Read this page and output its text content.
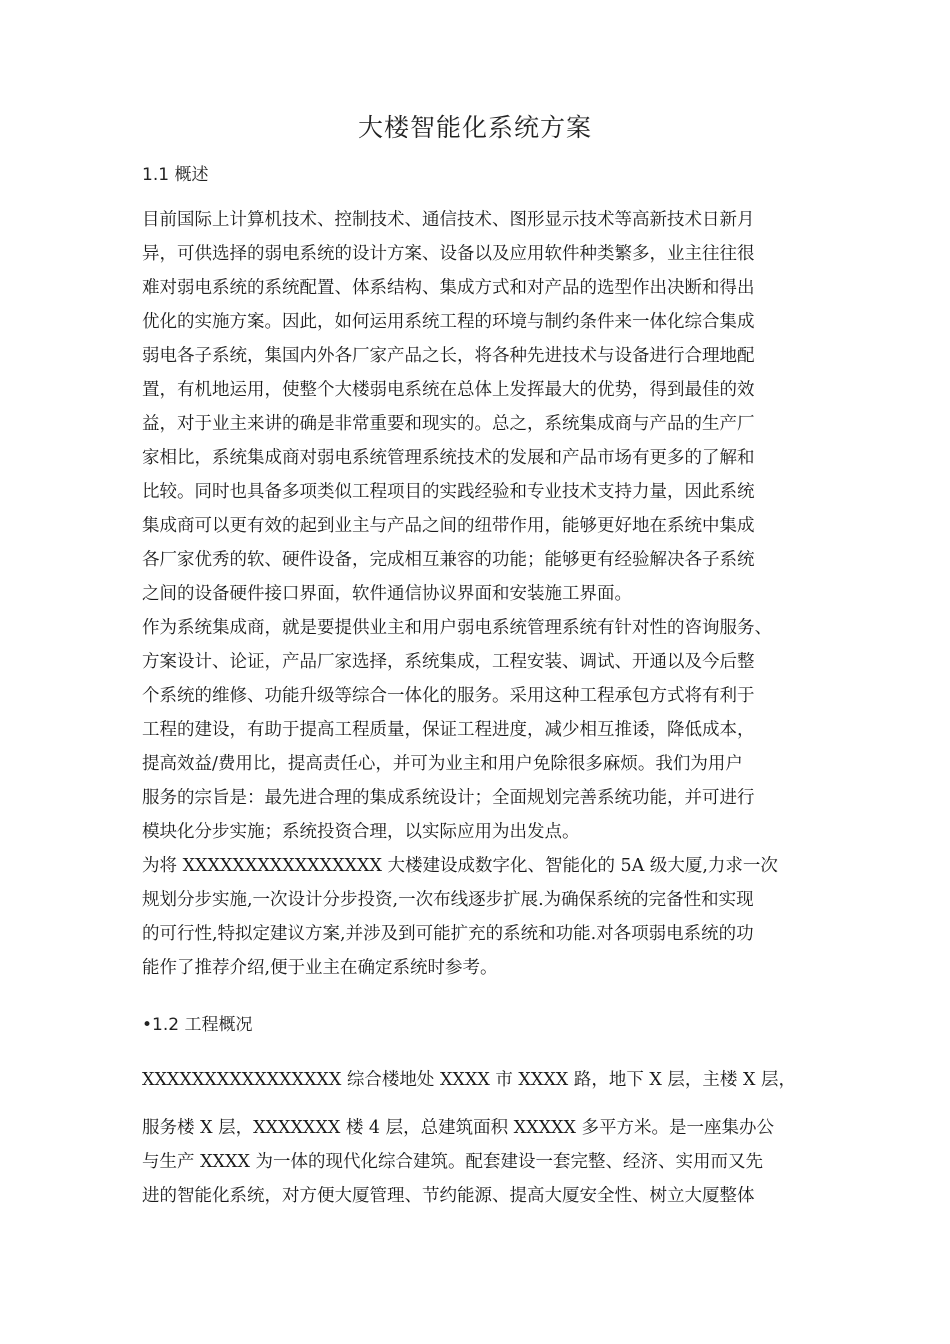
大楼智能化系统方案
1.1 概述
目前国际上计算机技术、控制技术、通信技术、图形显示技术等高新技术日新月
异，可供选择的弱电系统的设计方案、设备以及应用软件种类繁多，业主往往很
难对弱电系统的系统配置、体系结构、集成方式和对产品的选型作出决断和得出
优化的实施方案。因此，如何运用系统工程的环境与制约条件来一体化综合集成
弱电各子系统，集国内外各厂家产品之长，将各种先进技术与设备进行合理地配
置，有机地运用，使整个大楼弱电系统在总体上发挥最大的优势，得到最佳的效
益，对于业主来讲的确是非常重要和现实的。总之，系统集成商与产品的生产厂
家相比，系统集成商对弱电系统管理系统技术的发展和产品市场有更多的了解和
比较。同时也具备多项类似工程项目的实践经验和专业技术支持力量，因此系统
集成商可以更有效的起到业主与产品之间的纽带作用，能够更好地在系统中集成
各厂家优秀的软、硬件设备，完成相互兼容的功能；能够更有经验解决各子系统
之间的设备硬件接口界面，软件通信协议界面和安装施工界面。
作为系统集成商，就是要提供业主和用户弱电系统管理系统有针对性的咨询服务、
方案设计、论证，产品厂家选择，系统集成，工程安装、调试、开通以及今后整
个系统的维修、功能升级等综合一体化的服务。采用这种工程承包方式将有利于
工程的建设，有助于提高工程质量，保证工程进度，减少相互推诿，降低成本，
提高效益/费用比，提高责任心，并可为业主和用户免除很多麻烦。我们为用户
服务的宗旨是：最先进合理的集成系统设计；全面规划完善系统功能，并可进行
模块化分步实施；系统投资合理，以实际应用为出发点。
为将 XXXXXXXXXXXXXXXX 大楼建设成数字化、智能化的 5A 级大厦,力求一次
规划分步实施,一次设计分步投资,一次布线逐步扩展.为确保系统的完备性和实现
的可行性,特拟定建议方案,并涉及到可能扩充的系统和功能.对各项弱电系统的功
能作了推荐介绍,便于业主在确定系统时参考。
•1.2 工程概况
XXXXXXXXXXXXXXXX 综合楼地处 XXXX 市 XXXX 路，地下 X 层，主楼 X 层，
服务楼 X 层，XXXXXXX 楼 4 层，总建筑面积 XXXXX 多平方米。是一座集办公
与生产 XXXX 为一体的现代化综合建筑。配套建设一套完整、经济、实用而又先
进的智能化系统，对方便大厦管理、节约能源、提高大厦安全性、树立大厦整体
